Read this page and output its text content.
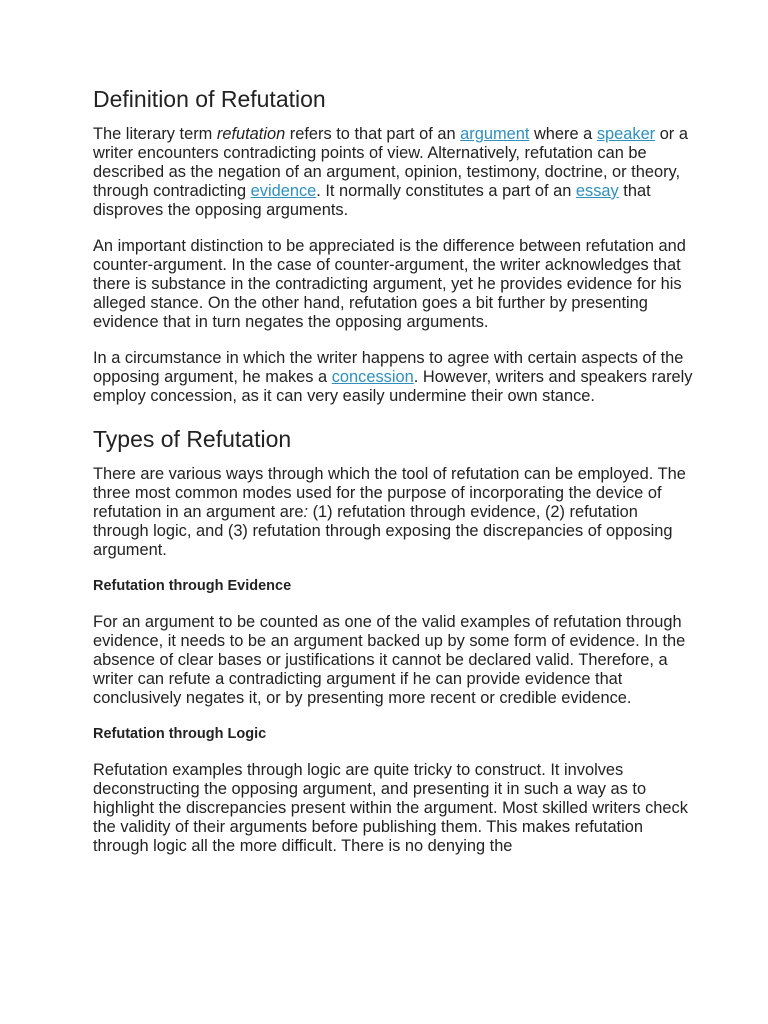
Definition of Refutation

The literary term refutation refers to that part of an argument where a speaker or a writer encounters contradicting points of view. Alternatively, refutation can be described as the negation of an argument, opinion, testimony, doctrine, or theory, through contradicting evidence. It normally constitutes a part of an essay that disproves the opposing arguments.

An important distinction to be appreciated is the difference between refutation and counter-argument. In the case of counter-argument, the writer acknowledges that there is substance in the contradicting argument, yet he provides evidence for his alleged stance. On the other hand, refutation goes a bit further by presenting evidence that in turn negates the opposing arguments.

In a circumstance in which the writer happens to agree with certain aspects of the opposing argument, he makes a concession. However, writers and speakers rarely employ concession, as it can very easily undermine their own stance.

Types of Refutation

There are various ways through which the tool of refutation can be employed. The three most common modes used for the purpose of incorporating the device of refutation in an argument are: (1) refutation through evidence, (2) refutation through logic, and (3) refutation through exposing the discrepancies of opposing argument.

Refutation through Evidence

For an argument to be counted as one of the valid examples of refutation through evidence, it needs to be an argument backed up by some form of evidence. In the absence of clear bases or justifications it cannot be declared valid. Therefore, a writer can refute a contradicting argument if he can provide evidence that conclusively negates it, or by presenting more recent or credible evidence.

Refutation through Logic

Refutation examples through logic are quite tricky to construct. It involves deconstructing the opposing argument, and presenting it in such a way as to highlight the discrepancies present within the argument. Most skilled writers check the validity of their arguments before publishing them. This makes refutation through logic all the more difficult. There is no denying the
